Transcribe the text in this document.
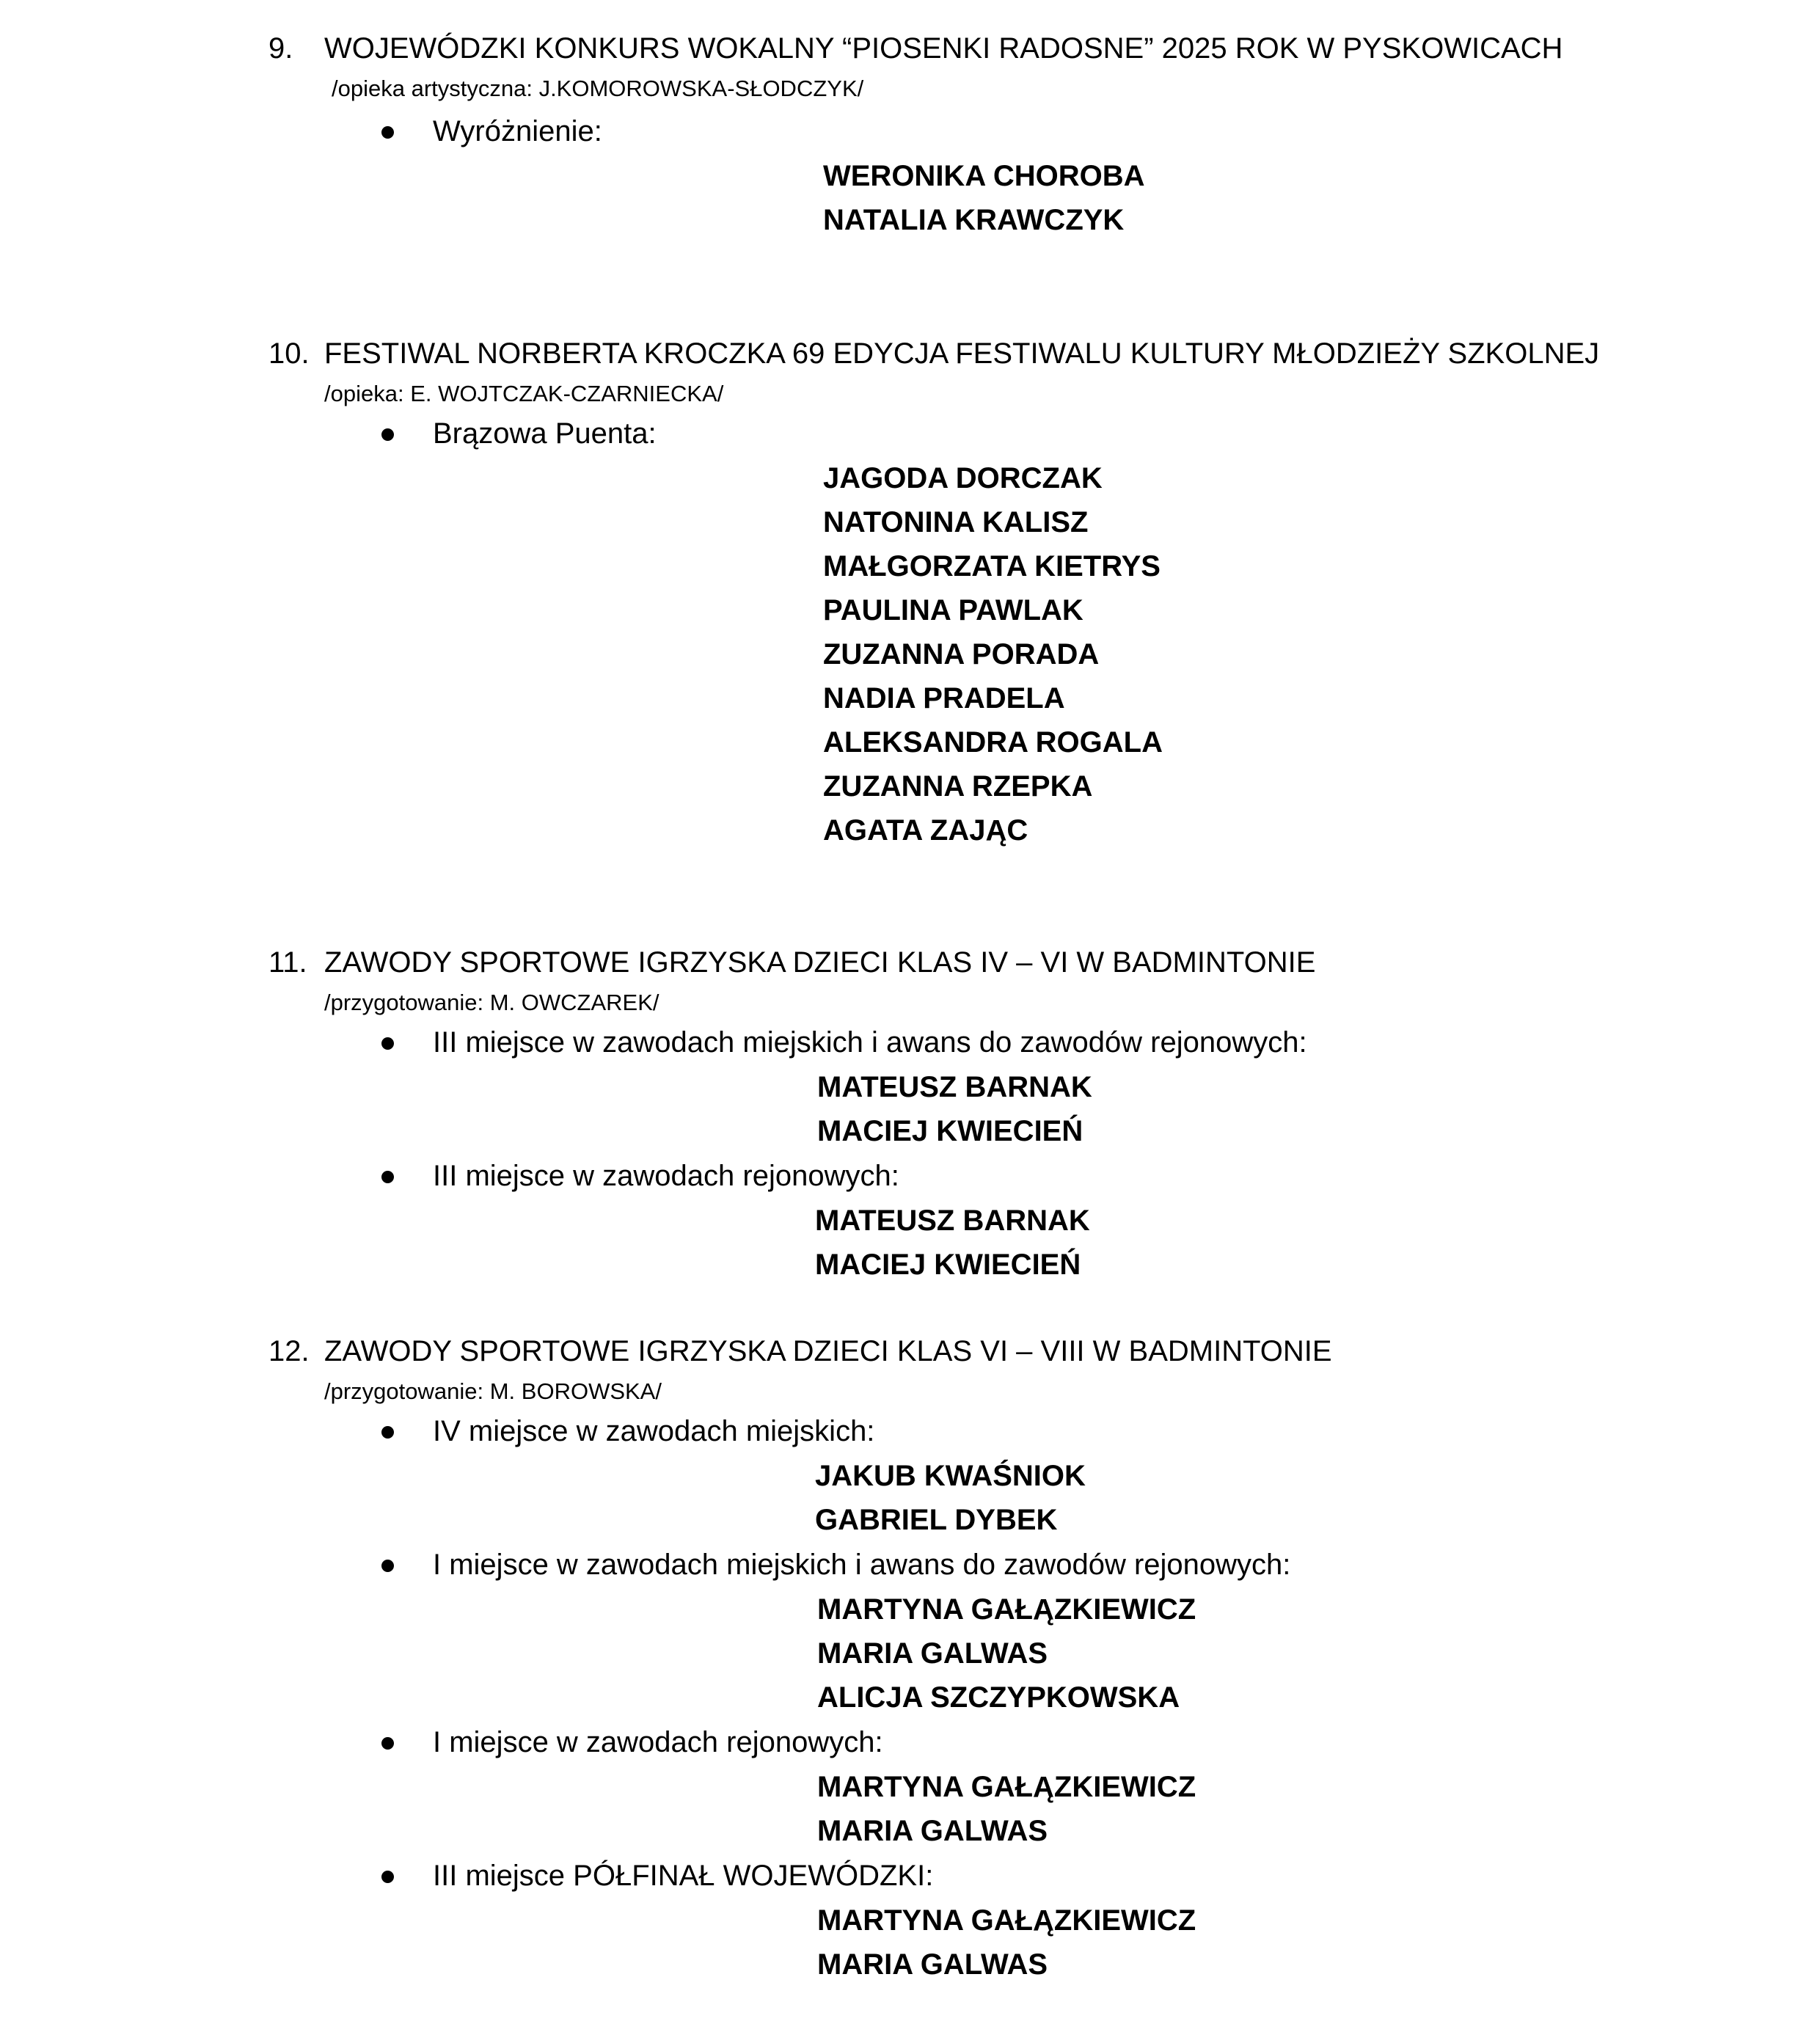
9.	WOJEWÓDZKI KONKURS WOKALNY “PIOSENKI RADOSNE” 2025 ROK W PYSKOWICACH
/opieka artystyczna: J.KOMOROWSKA-SŁODCZYK/
Wyróżnienie:
WERONIKA CHOROBA
NATALIA KRAWCZYK
10. FESTIWAL NORBERTA KROCZKA 69 EDYCJA FESTIWALU KULTURY MŁODZIEŻY SZKOLNEJ
/opieka: E. WOJTCZAK-CZARNIECKA/
Brązowa Puenta:
JAGODA DORCZAK
NATONINA KALISZ
MAŁGORZATA KIETRYS
PAULINA PAWLAK
ZUZANNA PORADA
NADIA PRADELA
ALEKSANDRA ROGALA
ZUZANNA RZEPKA
AGATA ZAJĄC
11. ZAWODY SPORTOWE IGRZYSKA DZIECI KLAS IV – VI W BADMINTONIE
/przygotowanie: M. OWCZAREK/
III miejsce w zawodach miejskich i awans do zawodów rejonowych:
MATEUSZ BARNAK
MACIEJ KWIECIEŃ
III miejsce w zawodach rejonowych:
MATEUSZ BARNAK
MACIEJ KWIECIEŃ
12. ZAWODY SPORTOWE IGRZYSKA DZIECI KLAS VI – VIII W BADMINTONIE
/przygotowanie: M. BOROWSKA/
IV miejsce w zawodach miejskich:
JAKUB KWAŚNIOK
GABRIEL DYBEK
I miejsce w zawodach miejskich i awans do zawodów rejonowych:
MARTYNA GAŁĄZKIEWICZ
MARIA GALWAS
ALICJA SZCZYPKOWSKA
I miejsce w zawodach rejonowych:
MARTYNA GAŁĄZKIEWICZ
MARIA GALWAS
III miejsce PÓŁFINAŁ WOJEWÓDZKI:
MARTYNA GAŁĄZKIEWICZ
MARIA GALWAS
